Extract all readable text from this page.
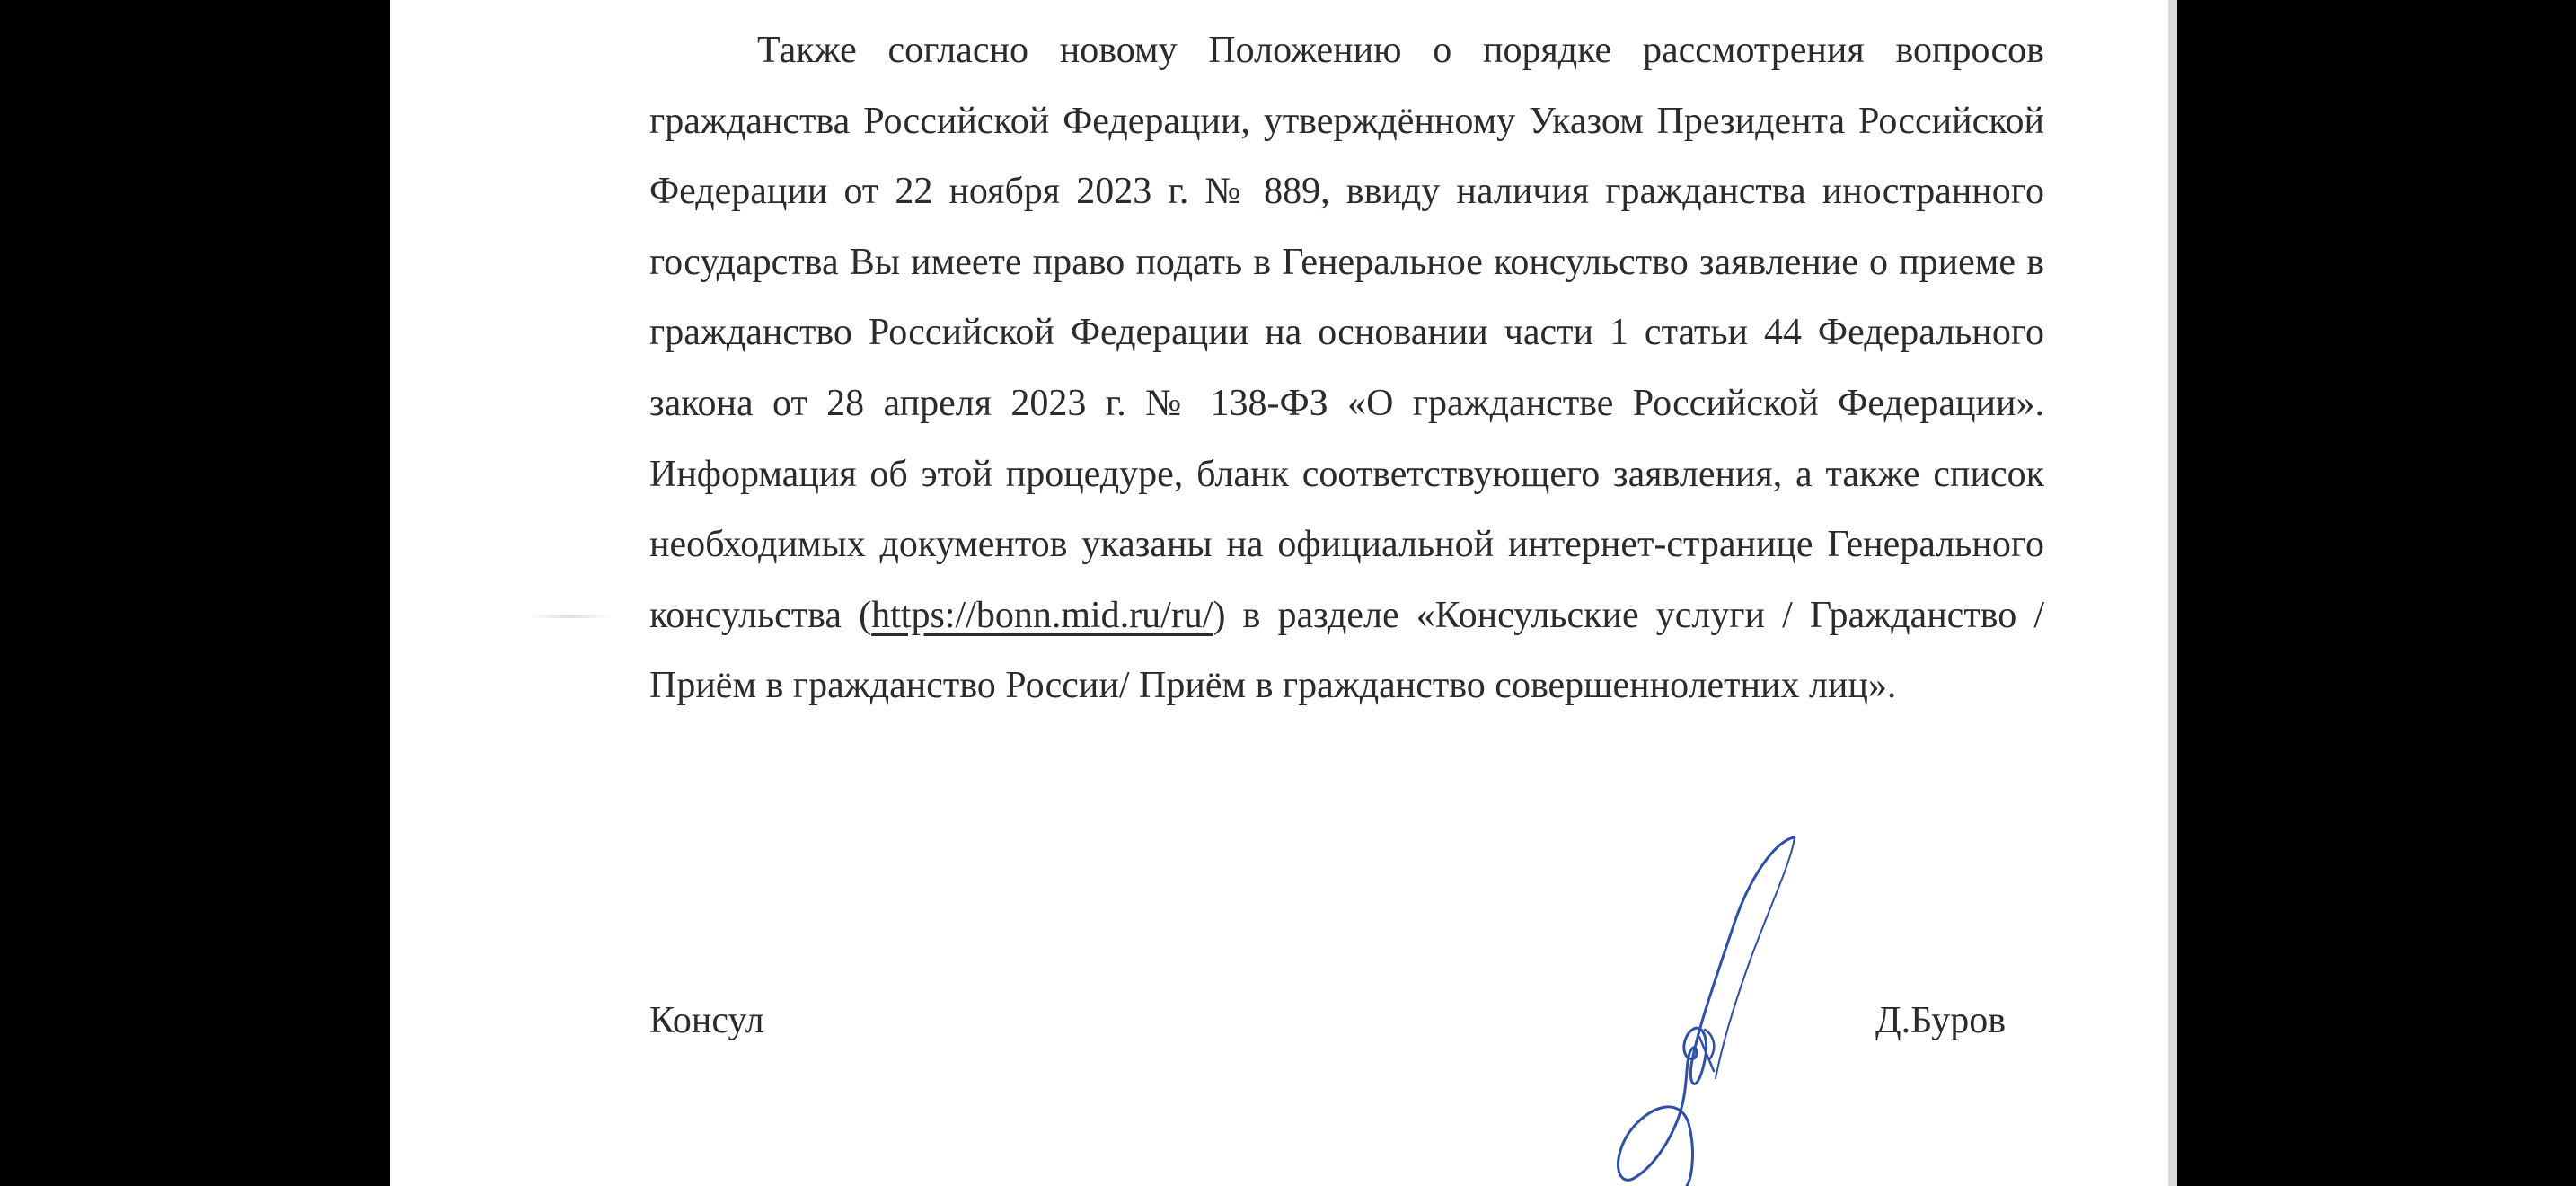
Также согласно новому Положению о порядке рассмотрения вопросов гражданства Российской Федерации, утверждённому Указом Президента Российской Федерации от 22 ноября 2023 г. № 889, ввиду наличия гражданства иностранного государства Вы имеете право подать в Генеральное консульство заявление о приеме в гражданство Российской Федерации на основании части 1 статьи 44 Федерального закона от 28 апреля 2023 г. № 138-ФЗ «О гражданстве Российской Федерации». Информация об этой процедуре, бланк соответствующего заявления, а также список необходимых документов указаны на официальной интернет-странице Генерального консульства (https://bonn.mid.ru/ru/) в разделе «Консульские услуги / Гражданство / Приём в гражданство России/ Приём в гражданство совершеннолетних лиц».

Консул	Д.Буров
